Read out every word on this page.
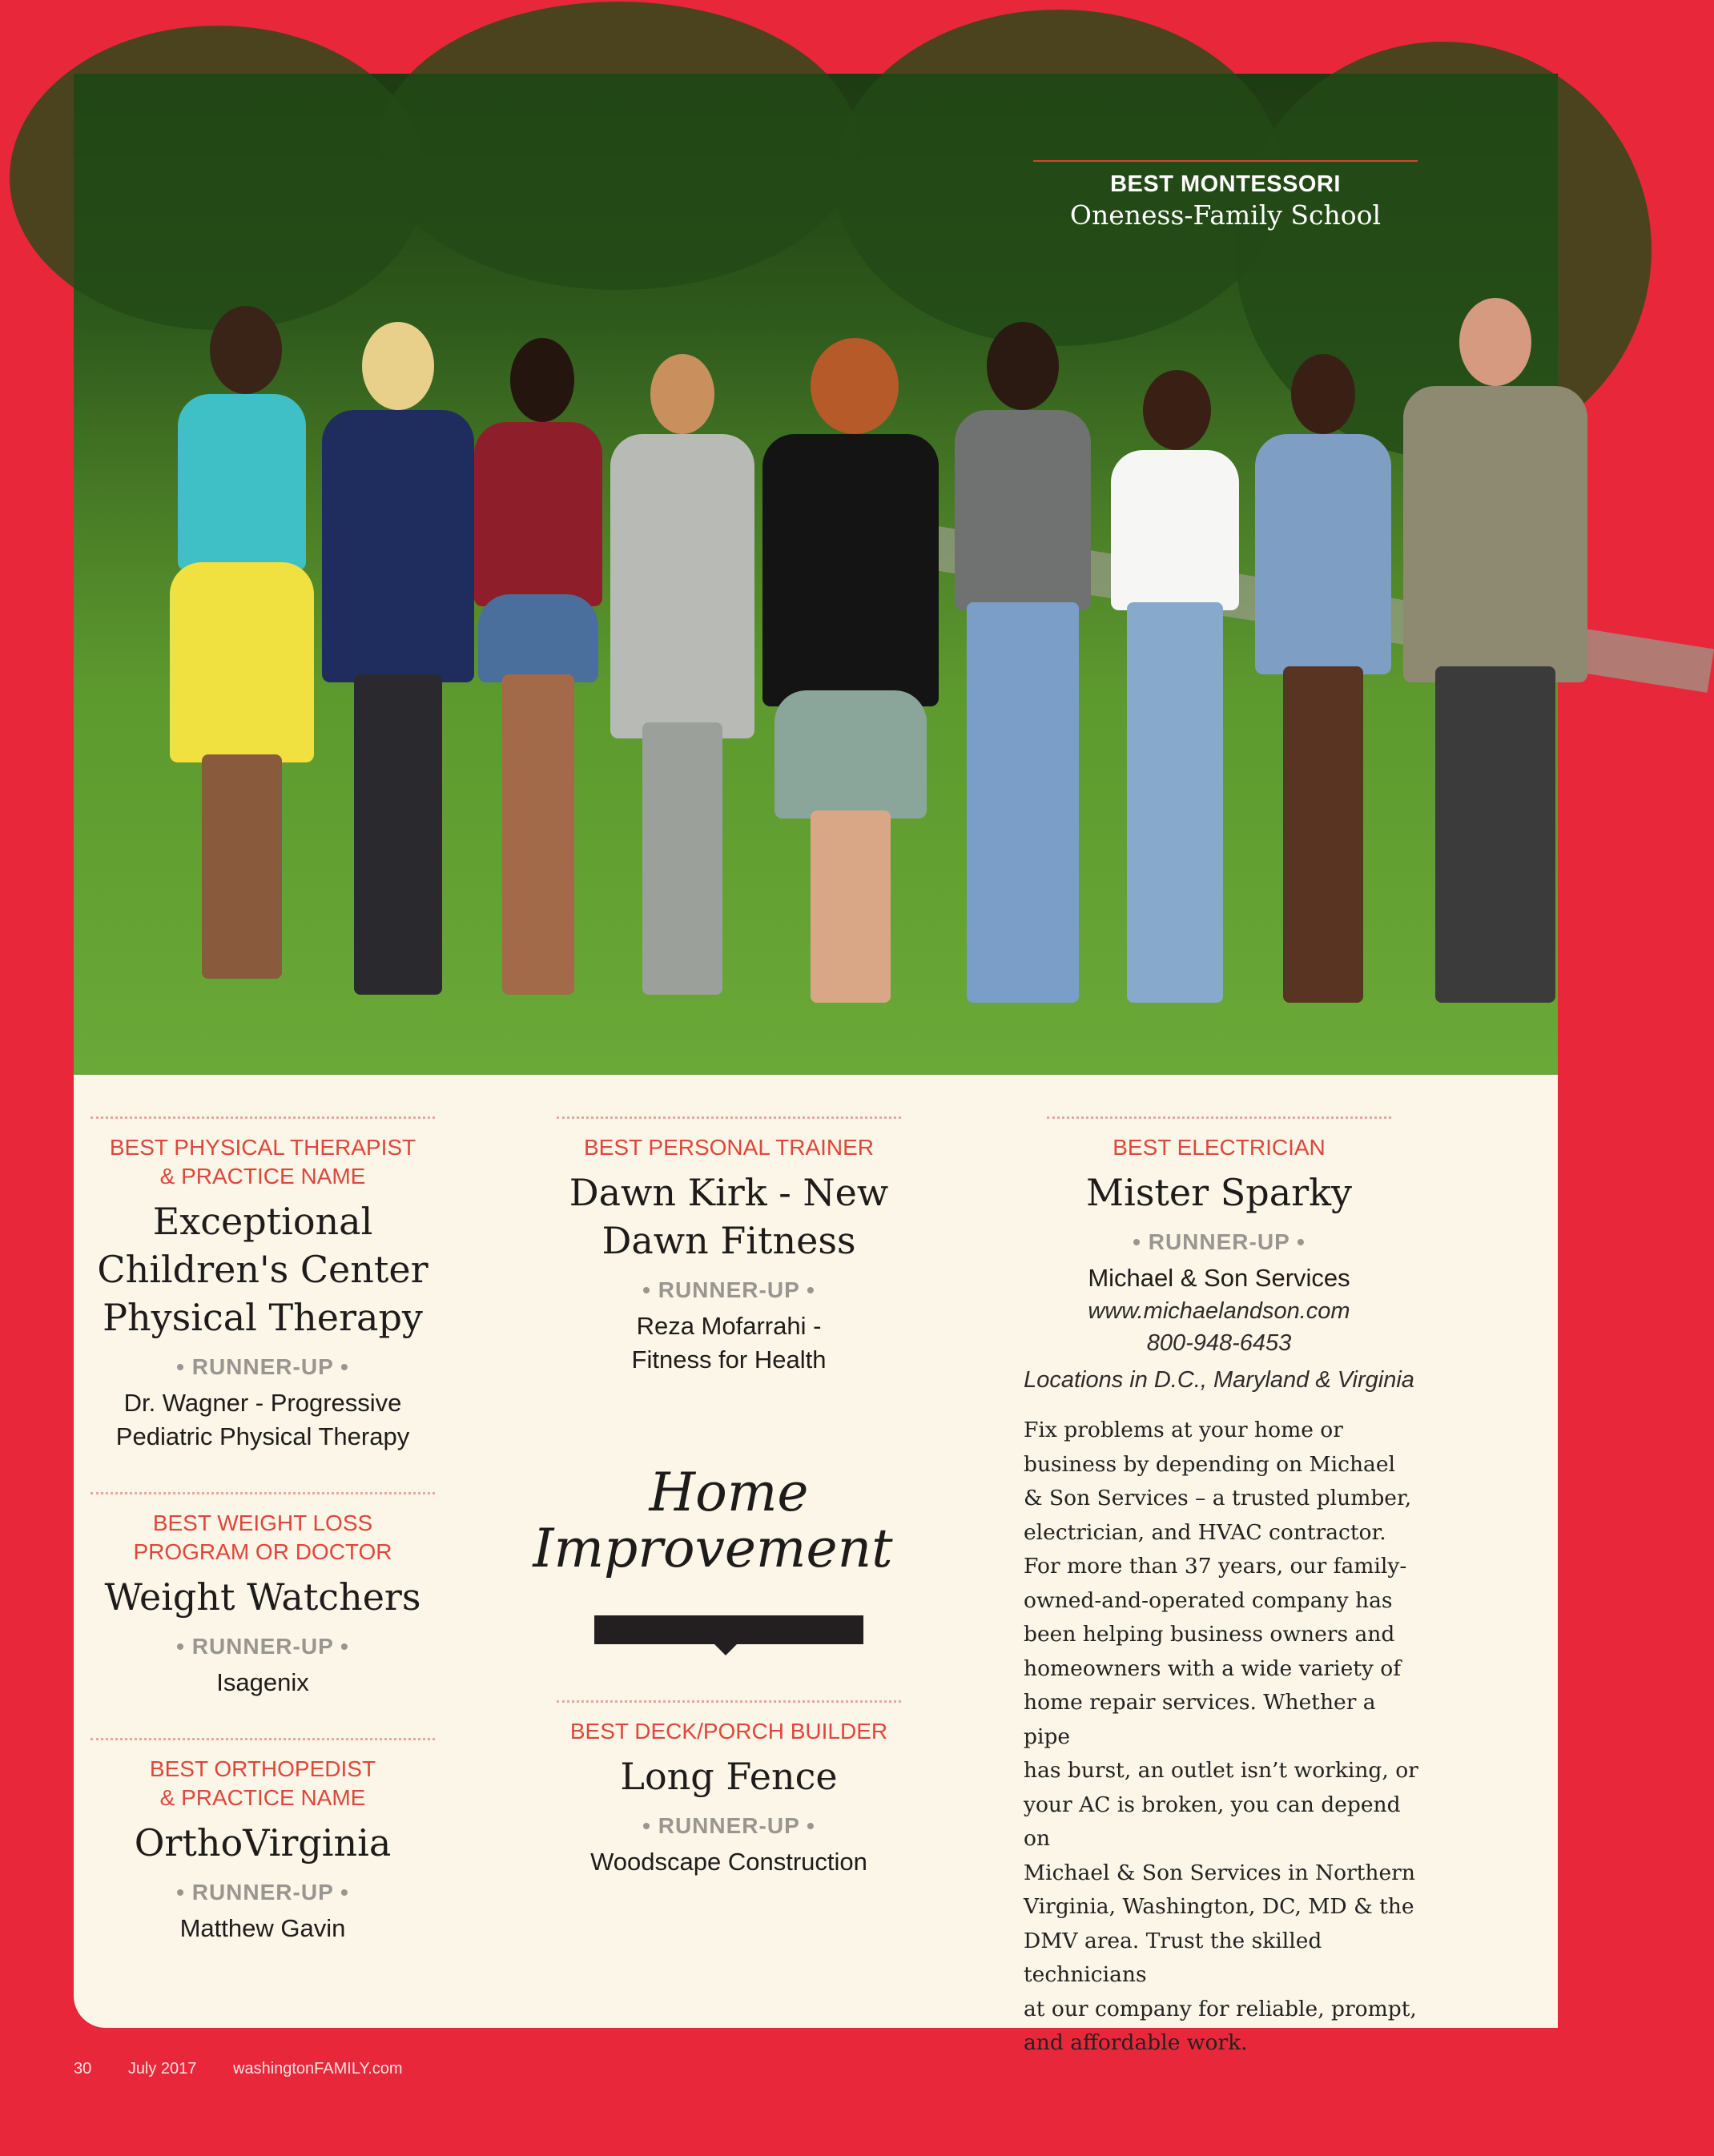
BEST MONTESSORI
Oneness-Family School
BEST PHYSICAL THERAPIST
& PRACTICE NAME
Exceptional
Children's Center
Physical Therapy
• RUNNER-UP •
Dr. Wagner - Progressive
Pediatric Physical Therapy
BEST WEIGHT LOSS
PROGRAM OR DOCTOR
Weight Watchers
• RUNNER-UP •
Isagenix
BEST ORTHOPEDIST
& PRACTICE NAME
OrthoVirginia
• RUNNER-UP •
Matthew Gavin
BEST PERSONAL TRAINER
Dawn Kirk - New
Dawn Fitness
• RUNNER-UP •
Reza Mofarrahi -
Fitness for Health
Home
Improvement
BEST DECK/PORCH BUILDER
Long Fence
• RUNNER-UP •
Woodscape Construction
BEST ELECTRICIAN
Mister Sparky
• RUNNER-UP •
Michael & Son Services
www.michaelandson.com
800-948-6453
Locations in D.C., Maryland & Virginia
Fix problems at your home or
business by depending on Michael
& Son Services – a trusted plumber,
electrician, and HVAC contractor.
For more than 37 years, our family-
owned-and-operated company has
been helping business owners and
homeowners with a wide variety of
home repair services. Whether a pipe
has burst, an outlet isn’t working, or
your AC is broken, you can depend on
Michael & Son Services in Northern
Virginia, Washington, DC, MD & the
DMV area. Trust the skilled technicians
at our company for reliable, prompt,
and affordable work.
30 July 2017 washingtonFAMILY.com
